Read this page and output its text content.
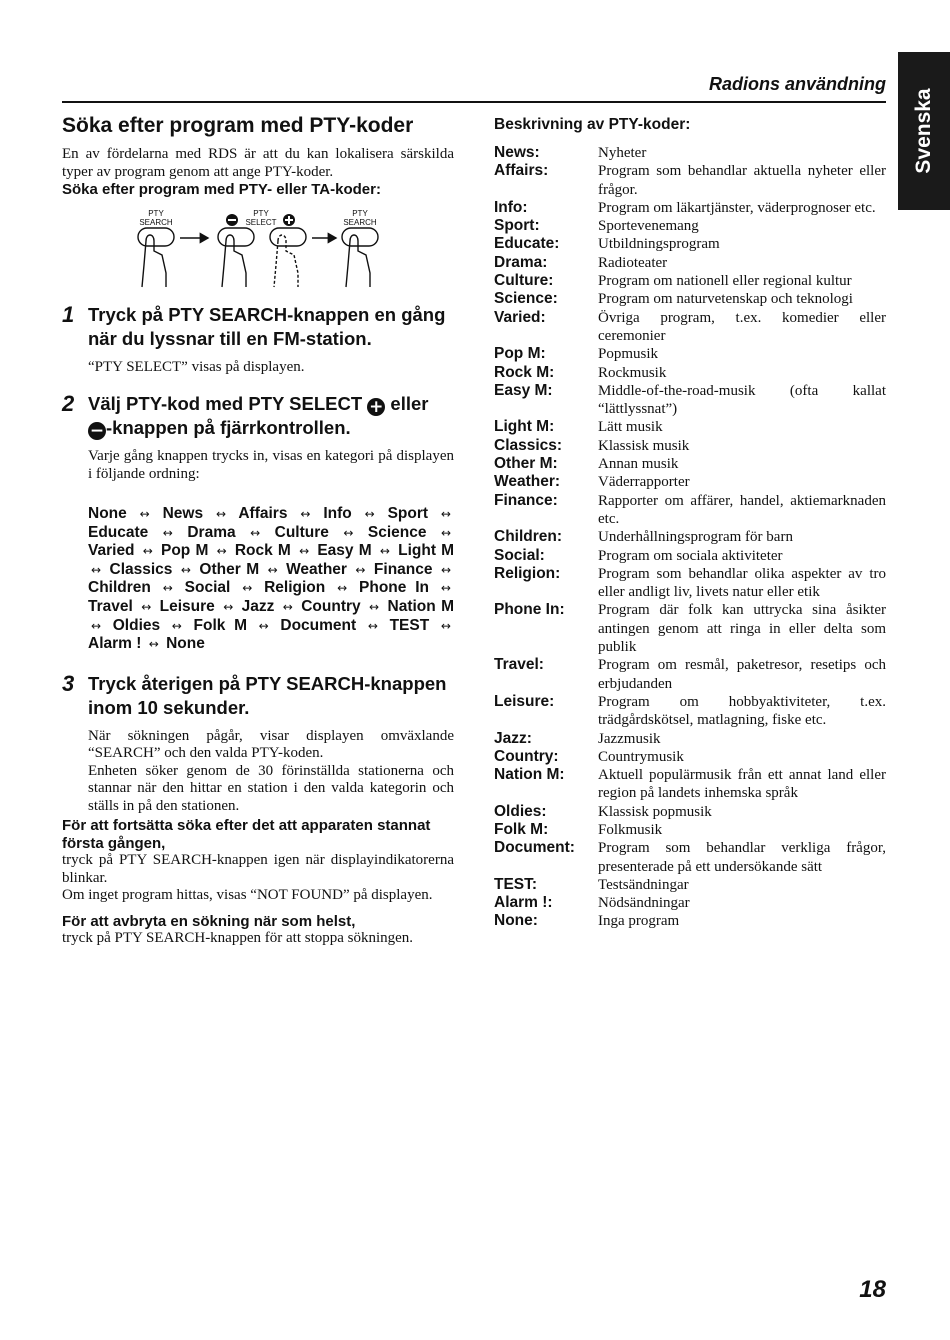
Svenska
Radions användning
Söka efter program med PTY-koder

En av fördelarna med RDS är att du kan lokalisera särskilda typer av program genom att ange PTY-koder.

Söka efter program med PTY- eller TA-koder:

PTY
SEARCH
PTY
SELECT
PTY
SEARCH
1 Tryck på PTY SEARCH-knappen en gång när du lyssnar till en FM-station.

“PTY SELECT” visas på displayen.

2 Välj PTY-kod med PTY SELECT + eller
− -knappen på fjärrkontrollen.

Varje gång knappen trycks in, visas en kategori på displayen i följande ordning:

None ↔ News ↔ Affairs ↔ Info ↔ Sport ↔ Educate ↔ Drama ↔ Culture ↔ Science ↔ Varied ↔ Pop M ↔ Rock M ↔ Easy M ↔ Light M ↔ Classics ↔ Other M ↔ Weather ↔ Finance ↔ Children ↔ Social ↔ Religion ↔ Phone In ↔ Travel ↔ Leisure ↔ Jazz ↔ Country ↔ Nation M ↔ Oldies ↔ Folk M ↔ Document ↔ TEST ↔ Alarm ! ↔ None
3 Tryck återigen på PTY SEARCH-knappen inom 10 sekunder.

När sökningen pågår, visar displayen omväxlande “SEARCH” och den valda PTY-koden.

Enheten söker genom de 30 förinställda stationerna och stannar när den hittar en station i den valda kategorin och ställs in på den stationen.

För att fortsätta söka efter det att apparaten stannat första gången,

tryck på PTY SEARCH-knappen igen när displayindikatorerna blinkar.

Om inget program hittas, visas “NOT FOUND” på displayen.

För att avbryta en sökning när som helst,

tryck på PTY SEARCH-knappen för att stoppa sökningen.

Beskrivning av PTY-koder:
News:	Nyheter
Affairs:	Program som behandlar aktuella nyheter eller frågor.
Info:	Program om läkartjänster, väderprognoser etc.
Sport:	Sportevenemang
Educate:	Utbildningsprogram
Drama:	Radioteater
Culture:	Program om nationell eller regional kultur
Science:	Program om naturvetenskap och teknologi
Varied:	Övriga program, t.ex. komedier eller ceremonier
Pop M:	Popmusik
Rock M:	Rockmusik
Easy M:	Middle-of-the-road-musik (ofta kallat “lättlyssnat”)
Light M:	Lätt musik
Classics:	Klassisk musik
Other M:	Annan musik
Weather:	Väderrapporter
Finance:	Rapporter om affärer, handel, aktiemarknaden etc.
Children:	Underhållningsprogram för barn
Social:	Program om sociala aktiviteter
Religion:	Program som behandlar olika aspekter av tro eller andligt liv, livets natur eller etik
Phone In:	Program där folk kan uttrycka sina åsikter antingen genom att ringa in eller delta som publik
Travel:	Program om resmål, paketresor, resetips och erbjudanden
Leisure:	Program om hobbyaktiviteter, t.ex. trädgårdskötsel, matlagning, fiske etc.
Jazz:	Jazzmusik
Country:	Countrymusik
Nation M:	Aktuell populärmusik från ett annat land eller region på landets inhemska språk
Oldies:	Klassisk popmusik
Folk M:	Folkmusik
Document:	Program som behandlar verkliga frågor, presenterade på ett undersökande sätt
TEST:	Testsändningar
Alarm !:	Nödsändningar
None:	Inga program
18
